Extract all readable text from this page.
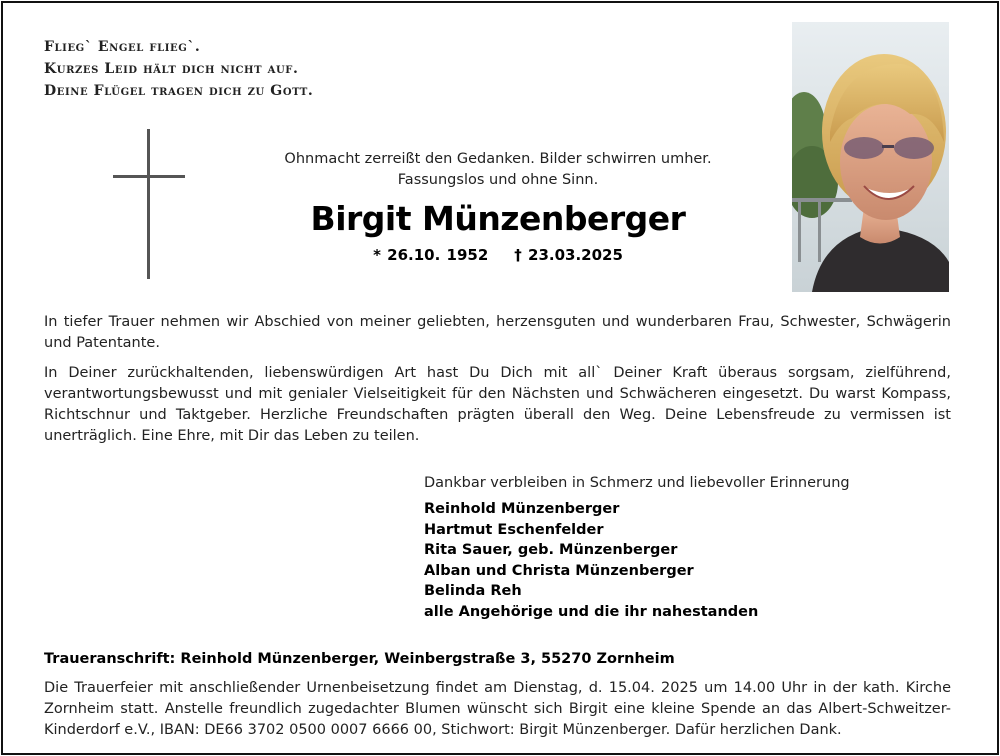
Flieg` Engel flieg`.
Kurzes Leid hält dich nicht auf.
Deine Flügel tragen dich zu Gott.
Ohnmacht zerreißt den Gedanken. Bilder schwirren umher.
Fassungslos und ohne Sinn.
Birgit Münzenberger
* 26.10. 1952 † 23.03.2025
In tiefer Trauer nehmen wir Abschied von meiner geliebten, herzensguten und wunderbaren Frau, Schwester, Schwägerin und Patentante.
In Deiner zurückhaltenden, liebenswürdigen Art hast Du Dich mit all` Deiner Kraft überaus sorgsam, zielführend, verantwortungsbewusst und mit genialer Vielseitigkeit für den Nächsten und Schwächeren eingesetzt. Du warst Kompass, Richtschnur und Taktgeber. Herzliche Freundschaften prägten überall den Weg. Deine Lebensfreude zu vermissen ist unerträglich. Eine Ehre, mit Dir das Leben zu teilen.
Dankbar verbleiben in Schmerz und liebevoller Erinnerung
Reinhold Münzenberger
Hartmut Eschenfelder
Rita Sauer, geb. Münzenberger
Alban und Christa Münzenberger
Belinda Reh
alle Angehörige und die ihr nahestanden
Traueranschrift: Reinhold Münzenberger, Weinbergstraße 3, 55270 Zornheim
Die Trauerfeier mit anschließender Urnenbeisetzung findet am Dienstag, d. 15.04. 2025 um 14.00 Uhr in der kath. Kirche Zornheim statt. Anstelle freundlich zugedachter Blumen wünscht sich Birgit eine kleine Spende an das Albert-Schweitzer-Kinderdorf e.V., IBAN: DE66 3702 0500 0007 6666 00, Stichwort: Birgit Münzenberger. Dafür herzlichen Dank.
